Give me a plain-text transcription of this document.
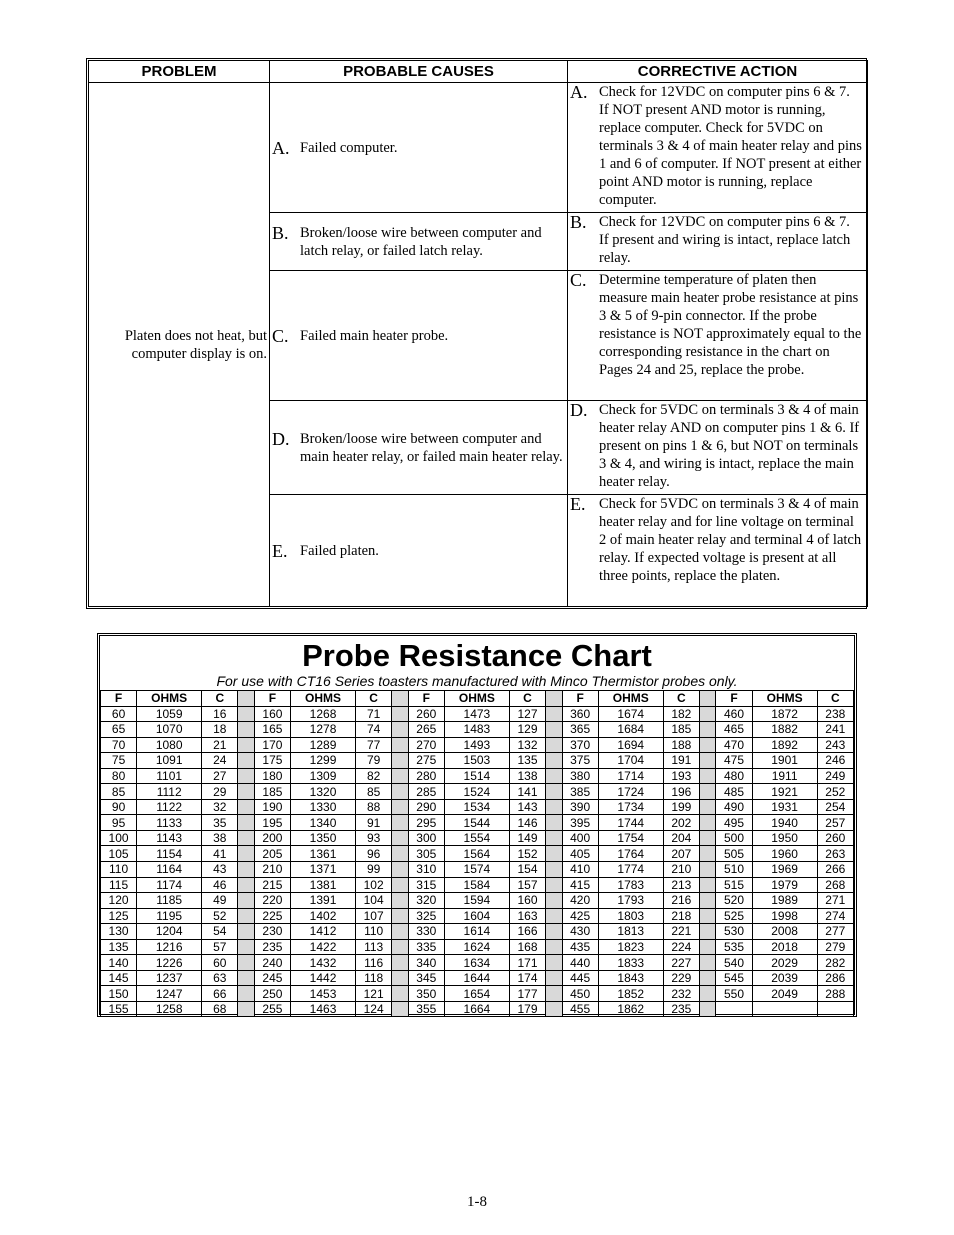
PROBLEM	PROBABLE CAUSES	CORRECTIVE ACTION
Platen does not heat, but computer display is on.	A. Failed computer.	A. Check for 12VDC on computer pins 6 & 7. If NOT present AND motor is running, replace computer. Check for 5VDC on terminals 3 & 4 of main heater relay and pins 1 and 6 of computer. If NOT present at either point AND motor is running, replace computer.

	B. Broken/loose wire between computer and latch relay, or failed latch relay.	B. Check for 12VDC on computer pins 6 & 7. If present and wiring is intact, replace latch relay.

	C. Failed main heater probe.	C. Determine temperature of platen then measure main heater probe resistance at pins 3 & 5 of 9-pin connector. If the probe resistance is NOT approximately equal to the corresponding resistance in the chart on Pages 24 and 25, replace the probe.

	D. Broken/loose wire between computer and main heater relay, or failed main heater relay.	D. Check for 5VDC on terminals 3 & 4 of main heater relay AND on computer pins 1 & 6. If present on pins 1 & 6, but NOT on terminals 3 & 4, and wiring is intact, replace the main heater relay.

	E. Failed platen.	E. Check for 5VDC on terminals 3 & 4 of main heater relay and for line voltage on terminal 2 of main heater relay and terminal 4 of latch relay. If expected voltage is present at all three points, replace the platen.
Probe Resistance Chart
For use with CT16 Series toasters manufactured with Minco Thermistor probes only.
F	OHMS	C		F	OHMS	C		F	OHMS	C		F	OHMS	C		F	OHMS	C
60	1059	16		160	1268	71		260	1473	127		360	1674	182		460	1872	238
65	1070	18		165	1278	74		265	1483	129		365	1684	185		465	1882	241
70	1080	21		170	1289	77		270	1493	132		370	1694	188		470	1892	243
75	1091	24		175	1299	79		275	1503	135		375	1704	191		475	1901	246
80	1101	27		180	1309	82		280	1514	138		380	1714	193		480	1911	249
85	1112	29		185	1320	85		285	1524	141		385	1724	196		485	1921	252
90	1122	32		190	1330	88		290	1534	143		390	1734	199		490	1931	254
95	1133	35		195	1340	91		295	1544	146		395	1744	202		495	1940	257
100	1143	38		200	1350	93		300	1554	149		400	1754	204		500	1950	260
105	1154	41		205	1361	96		305	1564	152		405	1764	207		505	1960	263
110	1164	43		210	1371	99		310	1574	154		410	1774	210		510	1969	266
115	1174	46		215	1381	102		315	1584	157		415	1783	213		515	1979	268
120	1185	49		220	1391	104		320	1594	160		420	1793	216		520	1989	271
125	1195	52		225	1402	107		325	1604	163		425	1803	218		525	1998	274
130	1204	54		230	1412	110		330	1614	166		430	1813	221		530	2008	277
135	1216	57		235	1422	113		335	1624	168		435	1823	224		535	2018	279
140	1226	60		240	1432	116		340	1634	171		440	1833	227		540	2029	282
145	1237	63		245	1442	118		345	1644	174		445	1843	229		545	2039	286
150	1247	66		250	1453	121		350	1654	177		450	1852	232		550	2049	288
155	1258	68		255	1463	124		355	1664	179		455	1862	235				
1-8
